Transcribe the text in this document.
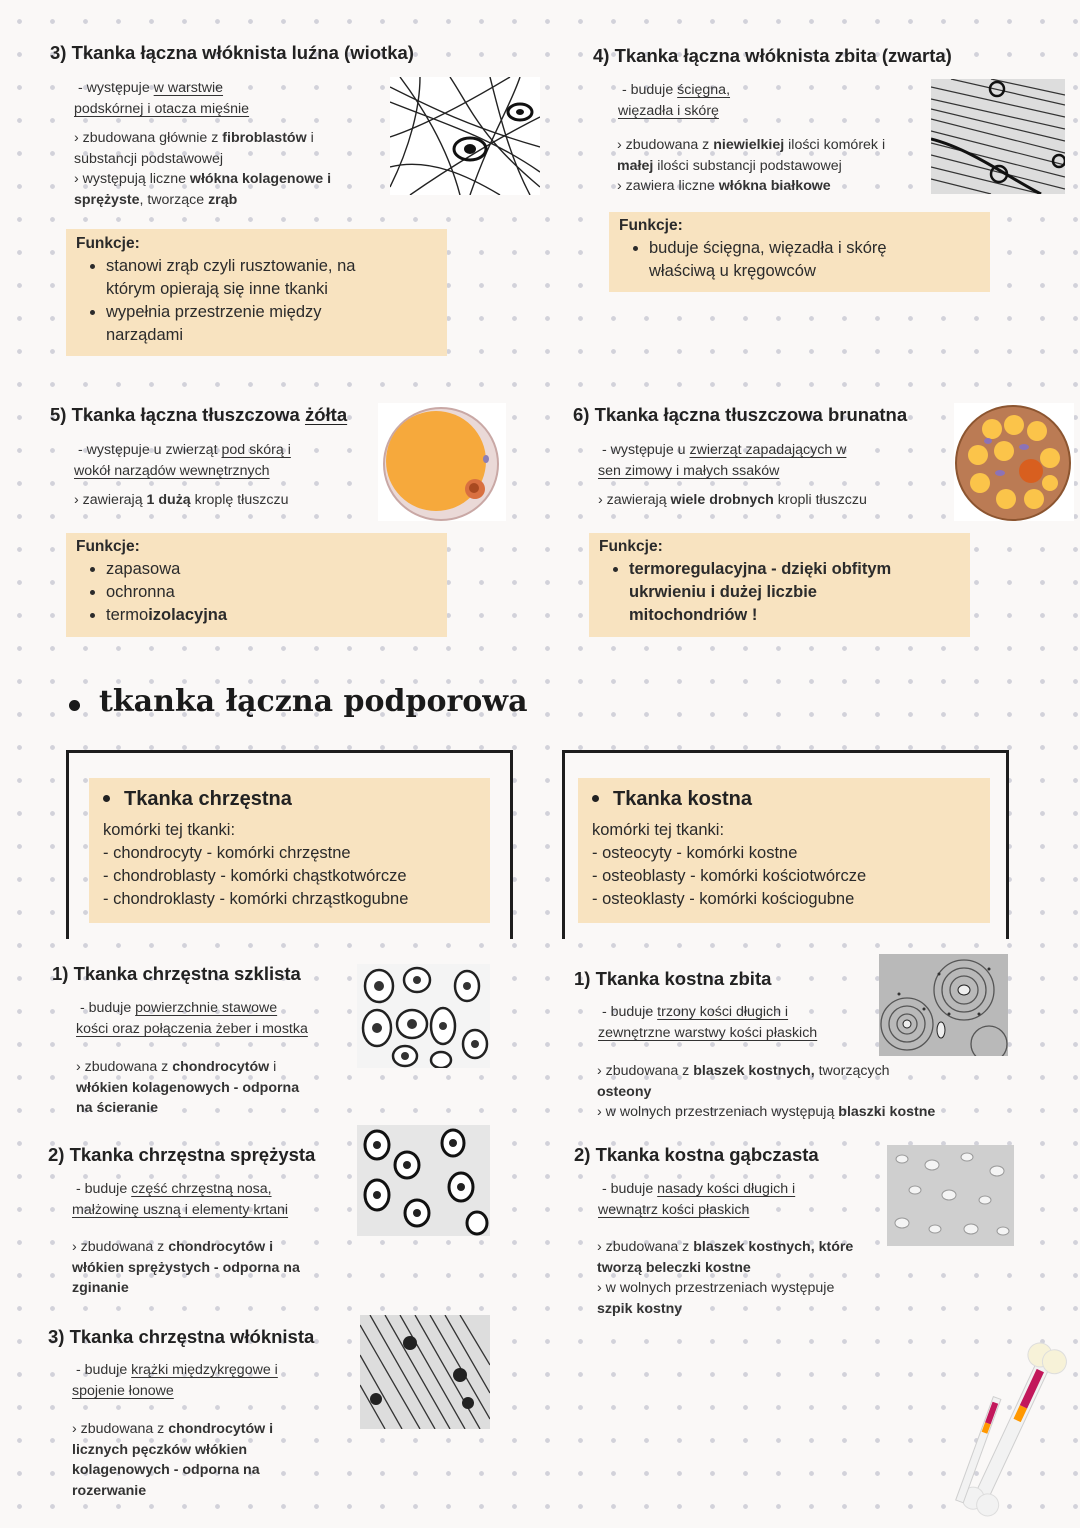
3) Tkanka łączna włóknista luźna (wiotka)
- występuje w warstwie
podskórnej i otacza mięśnie
› zbudowana głównie z fibroblastów i
substancji podstawowej
› występują liczne włókna kolagenowe i
sprężyste, tworzące zrąb
Funkcje:
• stanowi zrąb czyli rusztowanie, na
którym opierają się inne tkanki
• wypełnia przestrzenie między
narządami
4) Tkanka łączna włóknista zbita (zwarta)
- buduje ścięgna,
więzadła i skórę
› zbudowana z niewielkiej ilości komórek i
małej ilości substancji podstawowej
› zawiera liczne włókna białkowe
Funkcje:
• buduje ścięgna, więzadła i skórę
właściwą u kręgowców
5) Tkanka łączna tłuszczowa żółta
- występuje u zwierząt pod skórą i
wokół narządów wewnętrznych
› zawierają 1 dużą kroplę tłuszczu
Funkcje:
• zapasowa
• ochronna
• termoizolacyjna
6) Tkanka łączna tłuszczowa brunatna
- występuje u zwierząt zapadających w
sen zimowy i małych ssaków
› zawierają wiele drobnych kropli tłuszczu
Funkcje:
• termoregulacyjna - dzięki obfitym
ukrwieniu i dużej liczbie
mitochondriów !
tkanka łączna podporowa
Tkanka chrzęstna
komórki tej tkanki:
- chondrocyty - komórki chrzęstne
- chondroblasty - komórki chąstkotwórcze
- chondroklasty - komórki chrząstkogubne
Tkanka kostna
komórki tej tkanki:
- osteocyty - komórki kostne
- osteoblasty - komórki kościotwórcze
- osteoklasty - komórki kościogubne
1) Tkanka chrzęstna szklista
- buduje powierzchnie stawowe
kości oraz połączenia żeber i mostka
› zbudowana z chondrocytów i
włókien kolagenowych - odporna
na ścieranie
2) Tkanka chrzęstna sprężysta
- buduje część chrzęstną nosa,
małżowinę uszną i elementy krtani
› zbudowana z chondrocytów i
włókien sprężystych - odporna na
zginanie
3) Tkanka chrzęstna włóknista
- buduje krążki międzykręgowe i
spojenie łonowe
› zbudowana z chondrocytów i
licznych pęczków włókien
kolagenowych - odporna na
rozerwanie
1) Tkanka kostna zbita
- buduje trzony kości długich i
zewnętrzne warstwy kości płaskich
› zbudowana z blaszek kostnych, tworzących
osteony
› w wolnych przestrzeniach występują blaszki kostne
2) Tkanka kostna gąbczasta
- buduje nasady kości długich i
wewnątrz kości płaskich
› zbudowana z blaszek kostnych, które
tworzą beleczki kostne
› w wolnych przestrzeniach występuje
szpik kostny
